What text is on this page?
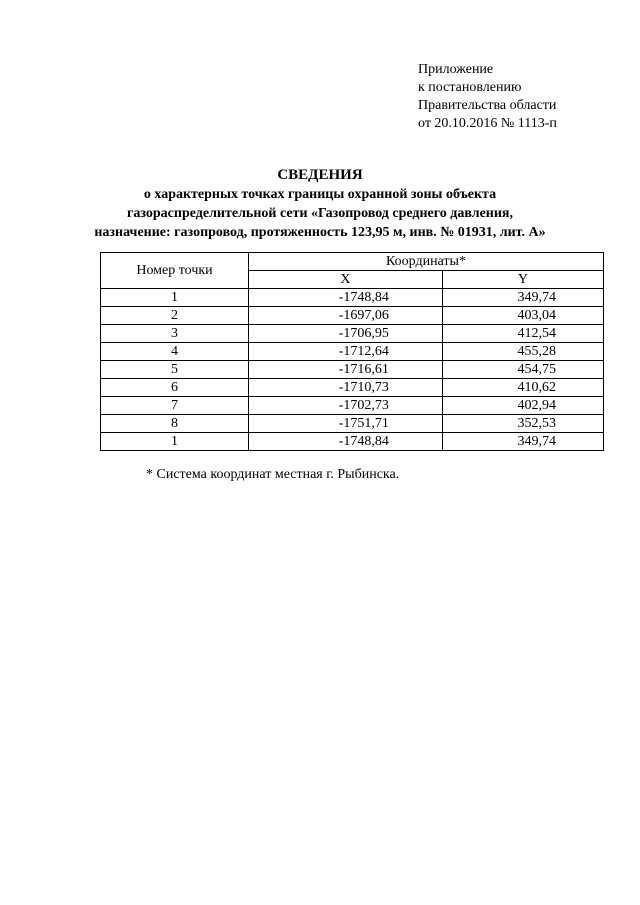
Приложение
к постановлению
Правительства области
от 20.10.2016 № 1113-п
СВЕДЕНИЯ
о характерных точках границы охранной зоны объекта
газораспределительной сети «Газопровод среднего давления,
назначение: газопровод, протяженность 123,95 м, инв. № 01931, лит. А»
Номер точки	Координаты*	
	X	Y
1	-1748,84	349,74
2	-1697,06	403,04
3	-1706,95	412,54
4	-1712,64	455,28
5	-1716,61	454,75
6	-1710,73	410,62
7	-1702,73	402,94
8	-1751,71	352,53
1	-1748,84	349,74
* Система координат местная г. Рыбинска.
